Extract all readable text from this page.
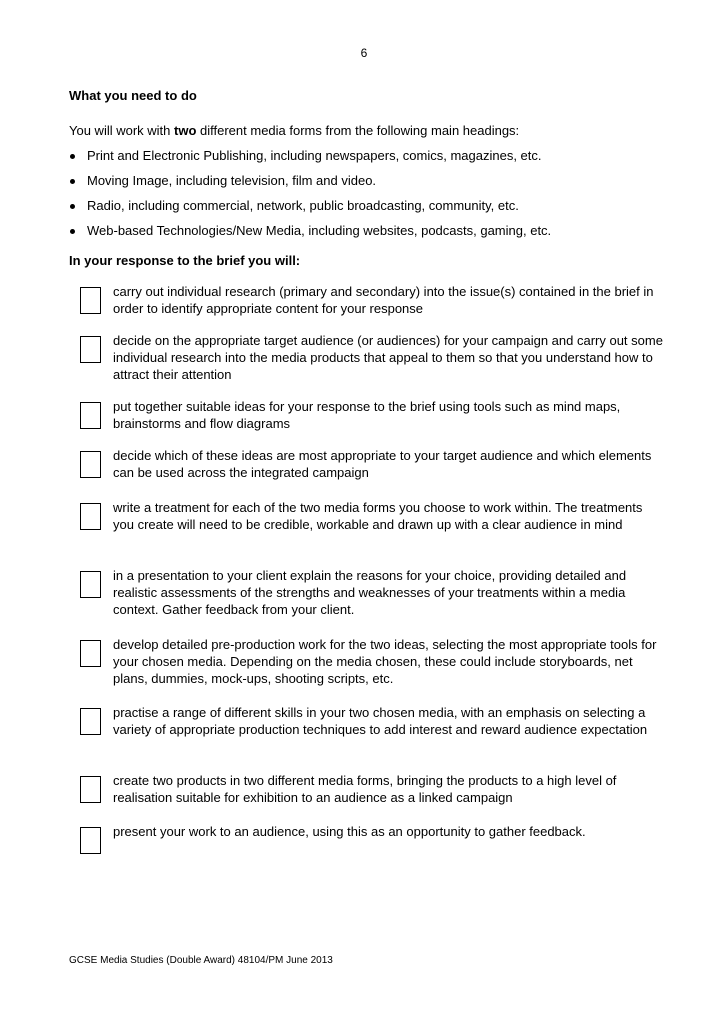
6
What you need to do
You will work with two different media forms from the following main headings:
Print and Electronic Publishing, including newspapers, comics, magazines, etc.
Moving Image, including television, film and video.
Radio, including commercial, network, public broadcasting, community, etc.
Web-based Technologies/New Media, including websites, podcasts, gaming, etc.
In your response to the brief you will:
carry out individual research (primary and secondary) into the issue(s) contained in the brief in order to identify appropriate content for your response
decide on the appropriate target audience (or audiences) for your campaign and carry out some individual research into the media products that appeal to them so that you understand how to attract their attention
put together suitable ideas for your response to the brief using tools such as mind maps, brainstorms and flow diagrams
decide which of these ideas are most appropriate to your target audience and which elements can be used across the integrated campaign
write a treatment for each of the two media forms you choose to work within. The treatments you create will need to be credible, workable and drawn up with a clear audience in mind
in a presentation to your client explain the reasons for your choice, providing detailed and realistic assessments of the strengths and weaknesses of your treatments within a media context. Gather feedback from your client.
develop detailed pre-production work for the two ideas, selecting the most appropriate tools for your chosen media. Depending on the media chosen, these could include storyboards, net plans, dummies, mock-ups, shooting scripts, etc.
practise a range of different skills in your two chosen media, with an emphasis on selecting a variety of appropriate production techniques to add interest and reward audience expectation
create two products in two different media forms, bringing the products to a high level of realisation suitable for exhibition to an audience as a linked campaign
present your work to an audience, using this as an opportunity to gather feedback.
GCSE Media Studies (Double Award) 48104/PM June 2013
